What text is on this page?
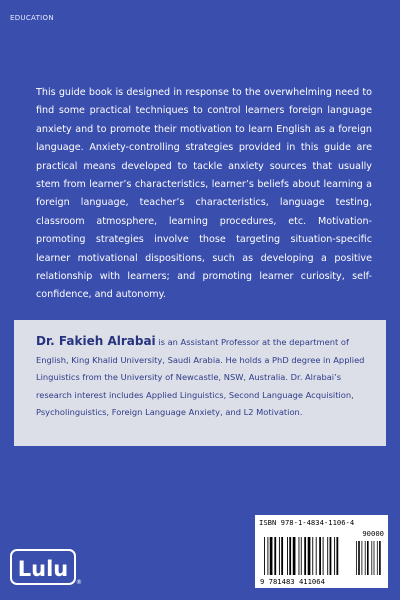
EDUCATION

This guide book is designed in response to the overwhelming need to find some practical techniques to control learners foreign language anxiety and to promote their motivation to learn English as a foreign language. Anxiety-controlling strategies provided in this guide are practical means developed to tackle anxiety sources that usually stem from learner’s characteristics, learner’s beliefs about learning a foreign language, teacher’s characteristics, language testing, classroom atmosphere, learning procedures, etc. Motivation-promoting strategies involve those targeting situation-specific learner motivational dispositions, such as developing a positive relationship with learners; and promoting learner curiosity, self-confidence, and autonomy.

Dr. Fakieh Alrabai is an Assistant Professor at the department of English, King Khalid University, Saudi Arabia. He holds a PhD degree in Applied Linguistics from the University of Newcastle, NSW, Australia. Dr. Alrabai’s research interest includes Applied Linguistics, Second Language Acquisition, Psycholinguistics, Foreign Language Anxiety, and L2 Motivation.

Lulu
®
ISBN 978-1-4834-1106-4
90000
9 781483 411064
